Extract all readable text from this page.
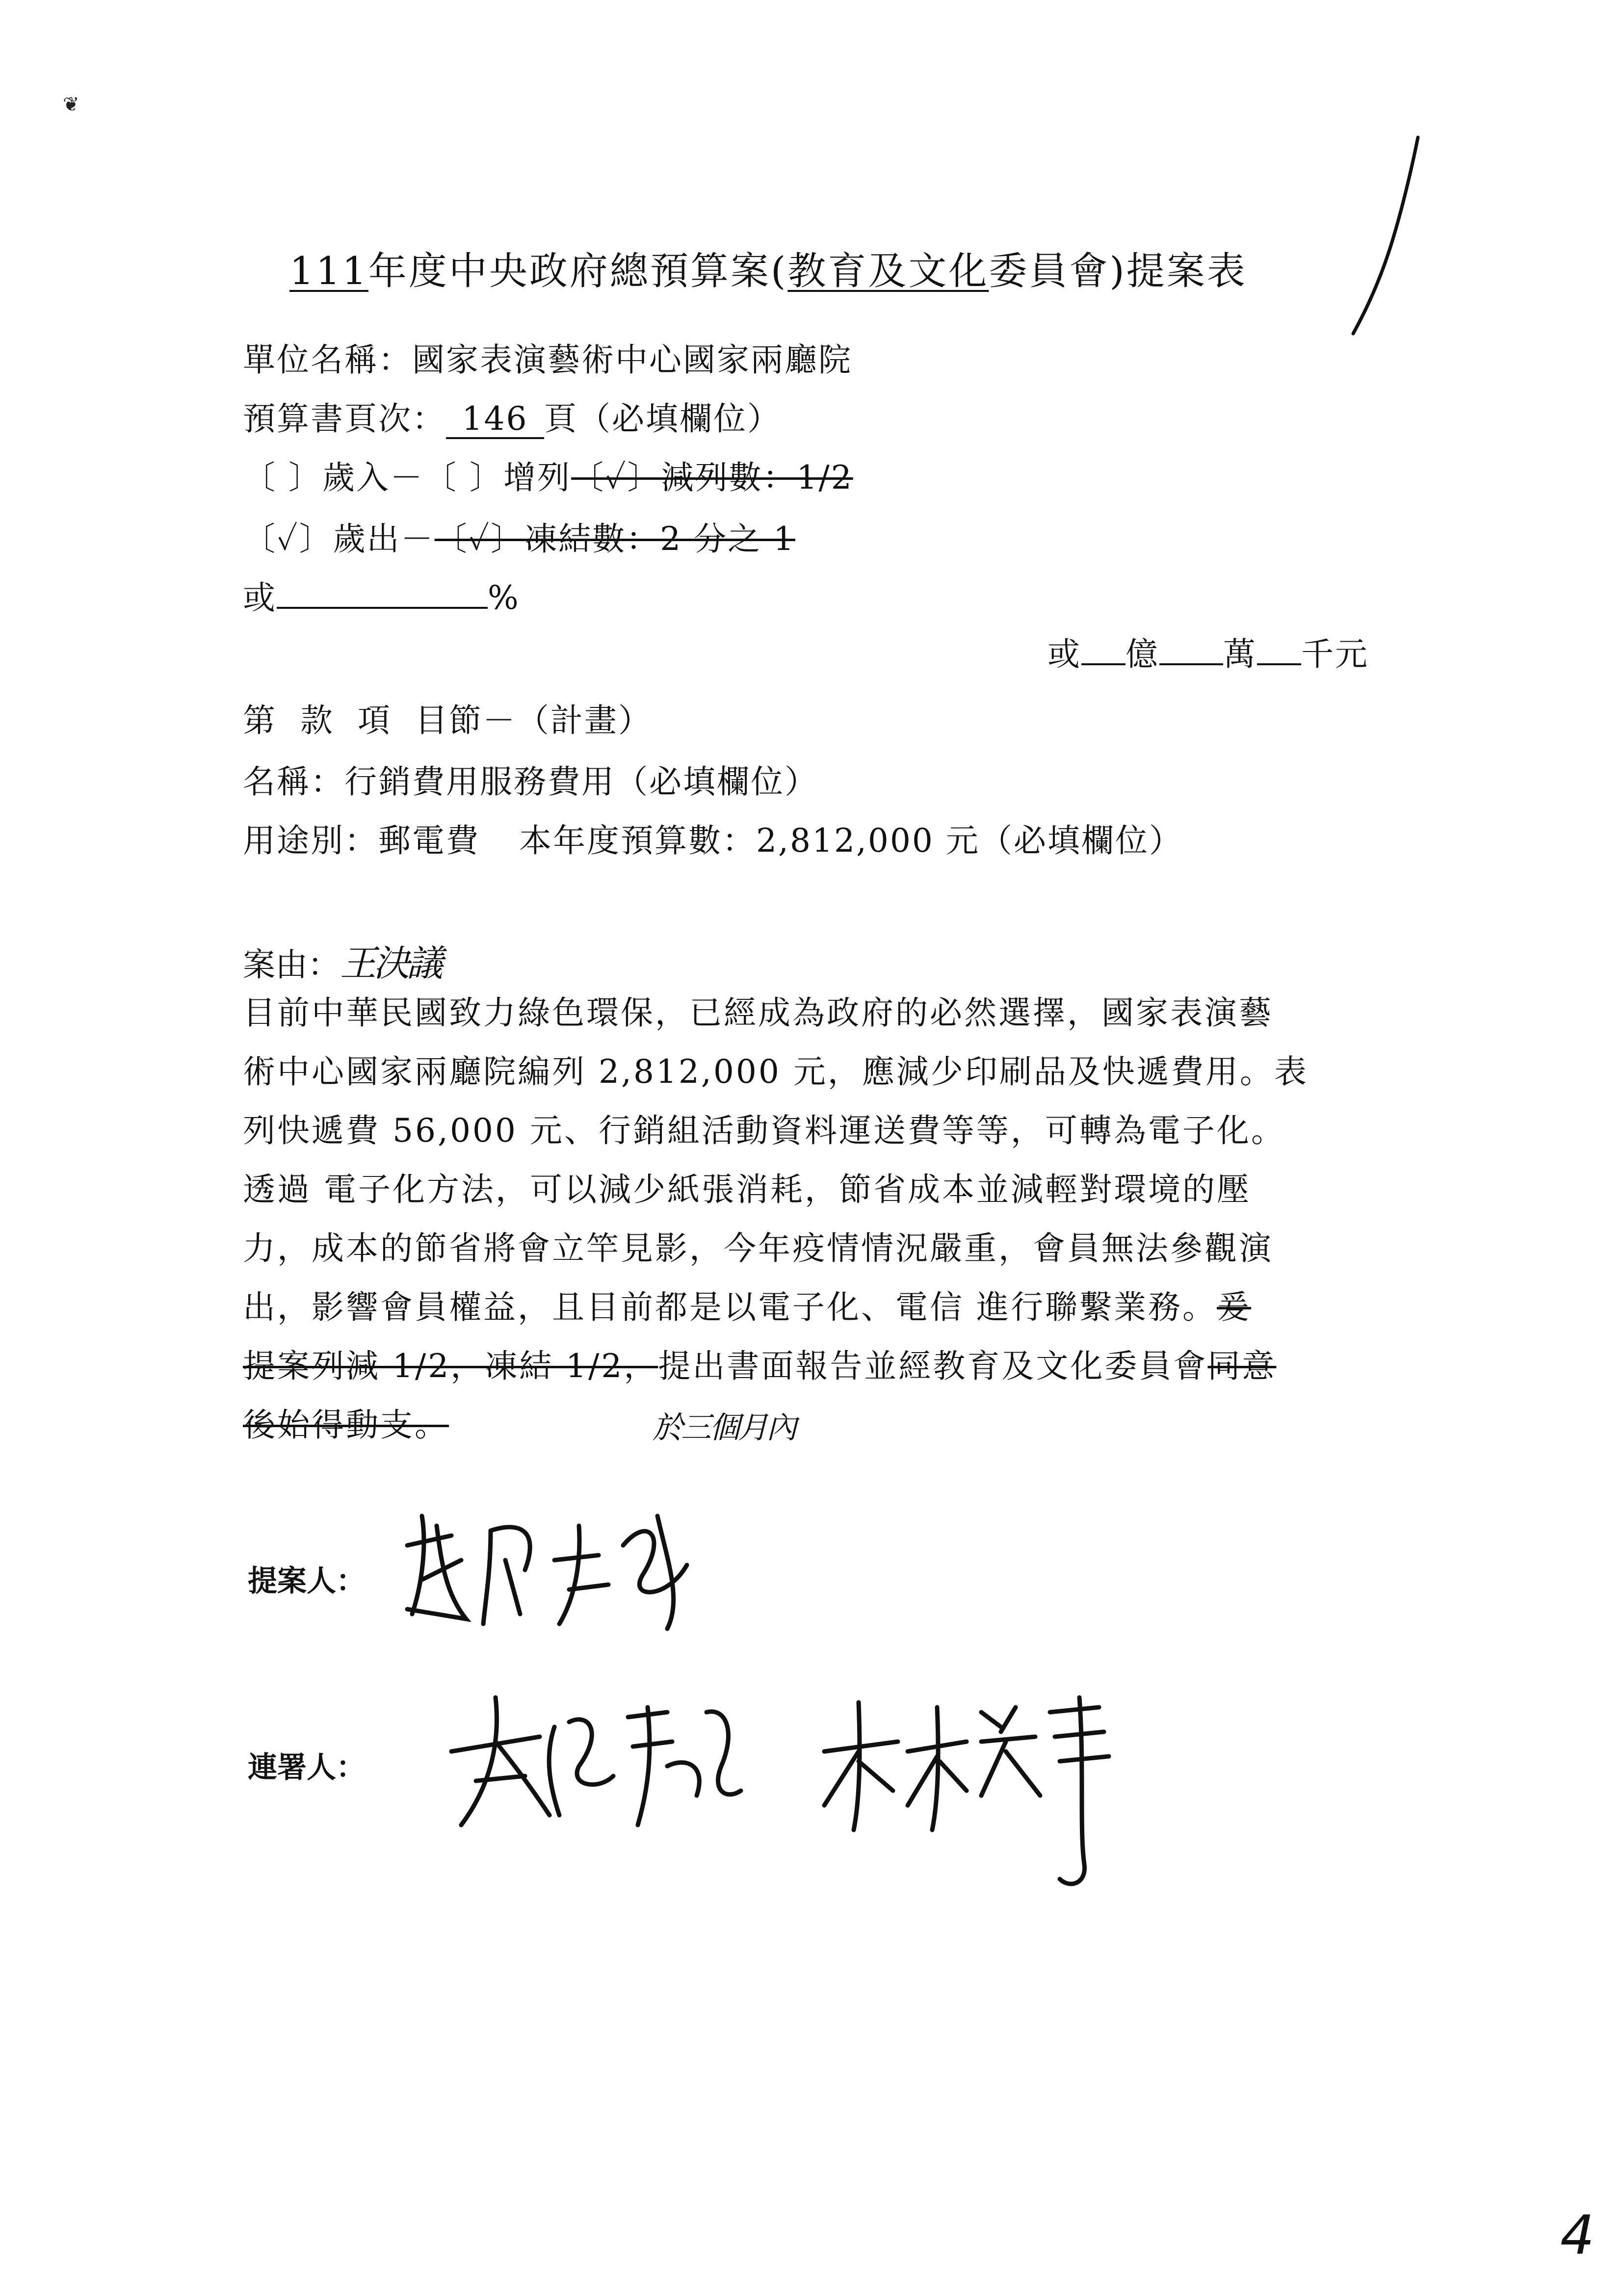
❦
111年度中央政府總預算案(教育及文化委員會)提案表
單位名稱：國家表演藝術中心國家兩廳院
預算書頁次： 146 頁（必填欄位）
〔 〕歲入－〔 〕增列〔✓〕減列數：1/2
〔✓〕歲出－〔✓〕凍結數：2 分之 1
或	%
或 億 萬 千元
第  款  項  目節－（計畫）
名稱：行銷費用服務費用（必填欄位）
用途別：郵電費 本年度預算數：2,812,000 元（必填欄位）
案由：王決議
目前中華民國致力綠色環保，已經成為政府的必然選擇，國家表演藝
術中心國家兩廳院編列 2,812,000 元，應減少印刷品及快遞費用。表
列快遞費 56,000 元、行銷組活動資料運送費等等，可轉為電子化。
透過 電子化方法，可以減少紙張消耗，節省成本並減輕對環境的壓
力，成本的節省將會立竿見影，今年疫情情況嚴重，會員無法參觀演
出，影響會員權益，且目前都是以電子化、電信 進行聯繫業務。爰
提案列減 1/2，凍結 1/2，提出書面報告並經教育及文化委員會同意
後始得動支。	於三個月內
提案人：
連署人：
4
